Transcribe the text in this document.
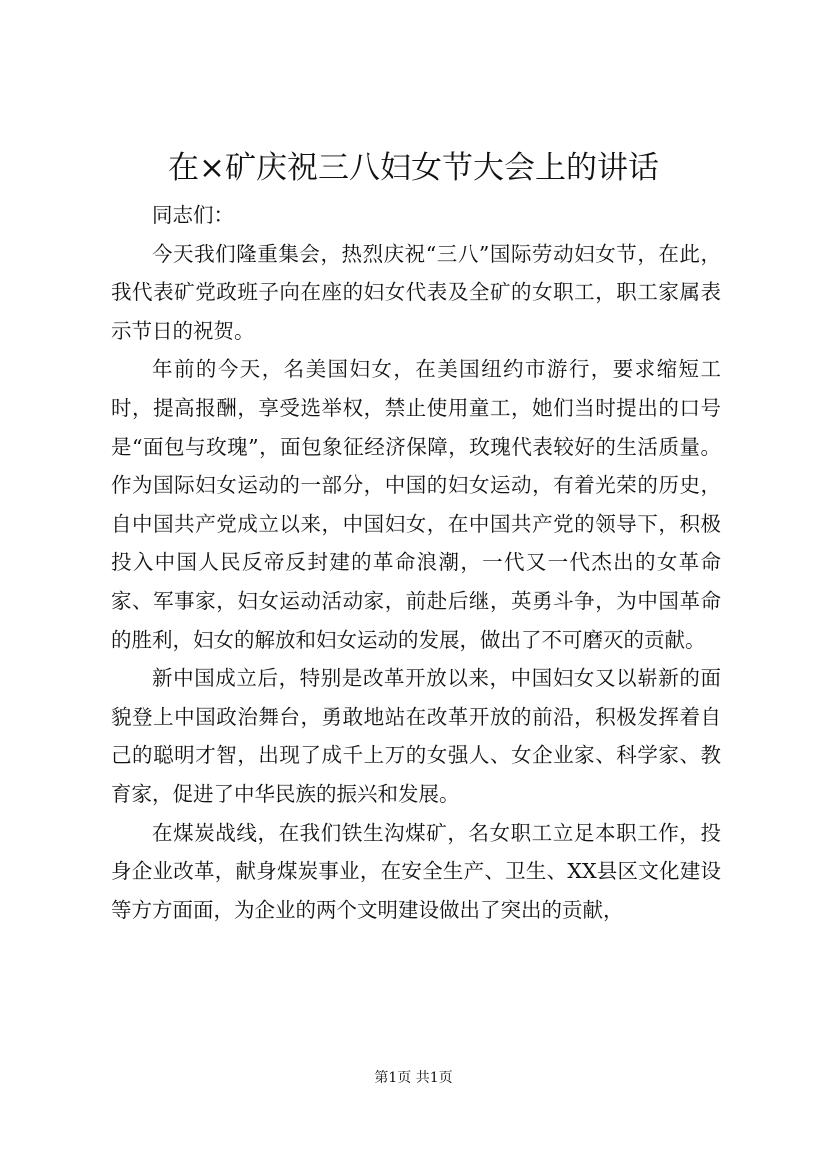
在×矿庆祝三八妇女节大会上的讲话

同志们：

今天我们隆重集会，热烈庆祝“三八”国际劳动妇女节，在此，我代表矿党政班子向在座的妇女代表及全矿的女职工，职工家属表示节日的祝贺。

年前的今天，名美国妇女，在美国纽约市游行，要求缩短工时，提高报酬，享受选举权，禁止使用童工，她们当时提出的口号是“面包与玫瑰”，面包象征经济保障，玫瑰代表较好的生活质量。作为国际妇女运动的一部分，中国的妇女运动，有着光荣的历史，自中国共产党成立以来，中国妇女，在中国共产党的领导下，积极投入中国人民反帝反封建的革命浪潮，一代又一代杰出的女革命家、军事家，妇女运动活动家，前赴后继，英勇斗争，为中国革命的胜利，妇女的解放和妇女运动的发展，做出了不可磨灭的贡献。

新中国成立后，特别是改革开放以来，中国妇女又以崭新的面貌登上中国政治舞台，勇敢地站在改革开放的前沿，积极发挥着自己的聪明才智，出现了成千上万的女强人、女企业家、科学家、教育家，促进了中华民族的振兴和发展。

在煤炭战线，在我们铁生沟煤矿，名女职工立足本职工作，投身企业改革，献身煤炭事业，在安全生产、卫生、XX县区文化建设等方方面面，为企业的两个文明建设做出了突出的贡献，

第1页 共1页
